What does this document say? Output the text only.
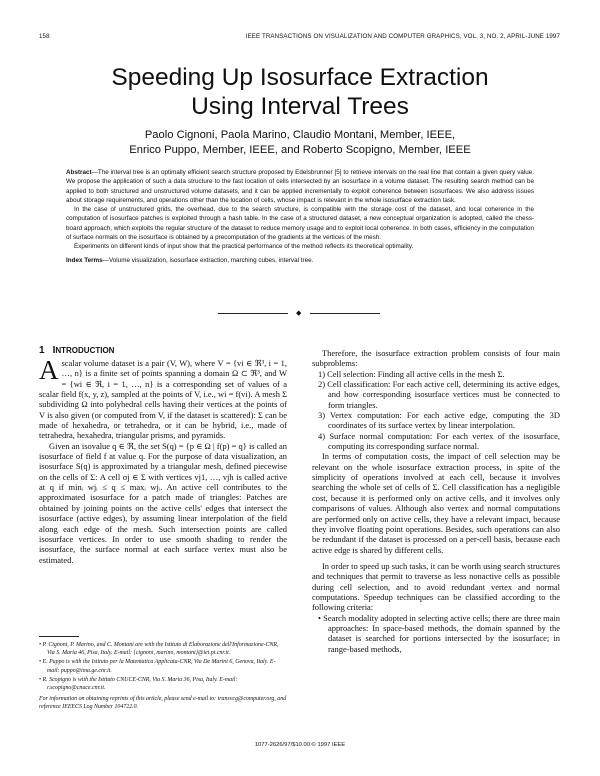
158	IEEE TRANSACTIONS ON VISUALIZATION AND COMPUTER GRAPHICS, VOL. 3, NO. 2, APRIL-JUNE 1997
Speeding Up Isosurface Extraction
Using Interval Trees
Paolo Cignoni, Paola Marino, Claudio Montani, Member, IEEE,
Enrico Puppo, Member, IEEE, and Roberto Scopigno, Member, IEEE

Abstract—The interval tree is an optimally efficient search structure proposed by Edelsbrunner [5] to retrieve intervals on the real line that contain a given query value. We propose the application of such a data structure to the fast location of cells intersected by an isosurface in a volume dataset. The resulting search method can be applied to both structured and unstructured volume datasets, and it can be applied incrementally to exploit coherence between isosurfaces. We also address issues about storage requirements, and operations other than the location of cells, whose impact is relevant in the whole isosurface extraction task.

In the case of unstructured grids, the overhead, due to the search structure, is compatible with the storage cost of the dataset, and local coherence in the computation of isosurface patches is exploited through a hash table. In the case of a structured dataset, a new conceptual organization is adopted, called the chess-board approach, which exploits the regular structure of the dataset to reduce memory usage and to exploit local coherence. In both cases, efficiency in the computation of surface normals on the isosurface is obtained by a precomputation of the gradients at the vertices of the mesh.

Experiments on different kinds of input show that the practical performance of the method reflects its theoretical optimality.

Index Terms—Volume visualization, isosurface extraction, marching cubes, interval tree.

◆
1 INTRODUCTION

Ascalar volume dataset is a pair (V, W), where V = {vi ∈ ℜ³, i = 1, …, n} is a finite set of points spanning a domain Ω ⊂ ℜ³, and W = {wi ∈ ℜ, i = 1, …, n} is a corresponding set of values of a scalar field f(x, y, z), sampled at the points of V, i.e., wi = f(vi). A mesh Σ subdividing Ω into polyhedral cells having their vertices at the points of V is also given (or computed from V, if the dataset is scattered): Σ can be made of hexahedra, or tetrahedra, or it can be hybrid, i.e., made of tetrahedra, hexahedra, triangular prisms, and pyramids.

Given an isovalue q ∈ ℜ, the set S(q) = {p ∈ Ω | f(p) = q} is called an isosurface of field f at value q. For the purpose of data visualization, an isosurface S(q) is approximated by a triangular mesh, defined piecewise on the cells of Σ: A cell σj ∈ Σ with vertices vj1, …, vjh is called active at q if minᵢ wjᵢ ≤ q ≤ maxᵢ wjᵢ. An active cell contributes to the approximated isosurface for a patch made of triangles: Patches are obtained by joining points on the active cells' edges that intersect the isosurface (active edges), by assuming linear interpolation of the field along each edge of the mesh. Such intersection points are called isosurface vertices. In order to use smooth shading to render the isosurface, the surface normal at each surface vertex must also be estimated.

• P. Cignoni, P. Marino, and C. Montani are with the Istituto di Elaborazione dell'Informazione-CNR, Via S. Maria 46, Pisa, Italy. E-mail: {cignoni, marino, montani}@iei.pi.cnr.it.

• E. Puppo is with the Istituto per la Matematica Applicata-CNR, Via De Marini 6, Genova, Italy. E-mail: puppo@ima.ge.cnr.it.

• R. Scopigno is with the Istituto CNUCE-CNR, Via S. Maria 36, Pisa, Italy. E-mail: r.scopigno@cnuce.cnr.it.

For information on obtaining reprints of this article, please send e-mail to: transvcg@computer.org, and reference IEEECS Log Number 104722.0.

Therefore, the isosurface extraction problem consists of four main subproblems:

1) Cell selection: Finding all active cells in the mesh Σ.
2) Cell classification: For each active cell, determining its active edges, and how corresponding isosurface vertices must be connected to form triangles.
3) Vertex computation: For each active edge, computing the 3D coordinates of its surface vertex by linear interpolation.
4) Surface normal computation: For each vertex of the isosurface, computing its corresponding surface normal.

In terms of computation costs, the impact of cell selection may be relevant on the whole isosurface extraction process, in spite of the simplicity of operations involved at each cell, because it involves searching the whole set of cells of Σ. Cell classification has a negligible cost, because it is performed only on active cells, and it involves only comparisons of values. Although also vertex and normal computations are performed only on active cells, they have a relevant impact, because they involve floating point operations. Besides, such operations can also be redundant if the dataset is processed on a per-cell basis, because each active edge is shared by different cells.

In order to speed up such tasks, it can be worth using search structures and techniques that permit to traverse as less nonactive cells as possible during cell selection, and to avoid redundant vertex and normal computations. Speedup techniques can be classified according to the following criteria:

• Search modality adopted in selecting active cells; there are three main approaches: In space-based methods, the domain spanned by the dataset is searched for portions intersected by the isosurface; in range-based methods,
1077-2626/97/$10.00 © 1997 IEEE
